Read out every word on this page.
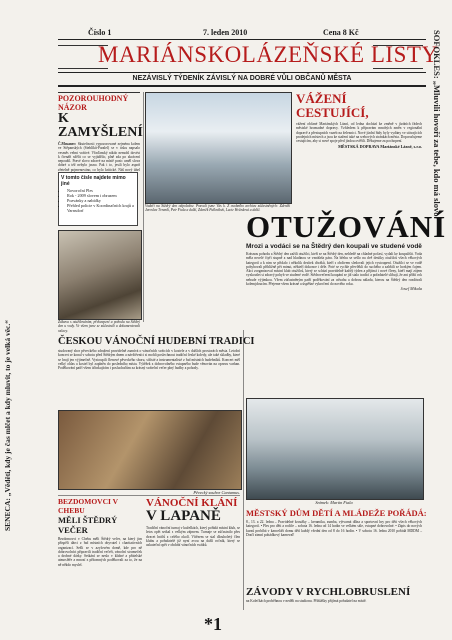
Číslo 1	7. leden 2010	Cena 8 Kč
MARIÁNSKOLÁZEŇSKÉ LISTY
NEZÁVISLÝ TÝDENÍK ZÁVISLÝ NA DOBRÉ VŮLI OBČANŮ MĚSTA	SOFOKLES: „Mluvili hovoří za tebe, kdo má slovo.“
SENECA: „Věděti, kdy je čas mlčet a kdy mluvit, to je velká věc.“
POZOROUHODNÝ NÁZOR
K ZAMYŠLENÍ

Č.Mosanec: Skutečnosti vypozorované zejména kolem ve Stěpanských (Stehlíků-Paralel) se v tisku napsalo vesměs velmi vrátivé. Vřaďanský nikdo nemohl dovést k čtenáři sdělit co se vyjádřilo, plně zda po zkrácení nepoužil. Pravé slovo zdravé na místě pozic uměl slova dobré a též nebylo jasno. Pak i to, jestli bylo aspoň zřetelně pojmenováno, co bylo kritické. Náš nový úhel

V tomto čísle najdete mimo jiné
• Novoroční Ples
• Rok - 2009 slovem i obrazem
• Pozvánky a nabídky
• Přehled policie v Koordinačních krajů a Varnsdorf
Vodaři na Štědrý den odpoledne. Pozvali jsme Vás k. Z osobního archivu zúčastněných: Zdeněk Jaroslav Tvrzník, Petr Fiala a další, Zdeněk Pulkrábek, Lucie Hvězdová a další.
VÁŽENÍ CESTUJÍCÍ,

vážení občané Mariánských Lázní, od ledna dochází ke změně v jízdních řádech městské hromadné dopravy. Vzhledem k přípravám mnohých změn v regionální dopravě a přestupních vazeb na železnici. Nové jízdní řády byly vydány ve stávajících prodejních místech a jsou ke stažení také na webových stránkách města. Doporučujeme cestujícím, aby si nové spoje před jízdou ověřili. Děkujeme za pochopení.

MĚSTSKÁ DOPRAVA Mariánské Lázně, s.r.o.

Zábava s otužilováním, překvapení a pohoda na Štědrý den u vody. Ve všem jsme se zúčastnili a dokumentovali oslavy.
OTUŽOVÁNÍ
Mrozi a vodáci se na Štědrý den koupali ve studené vodě

Krásnou pohodu a Štědrý den zažili otužilci, kteří se na Štědrý den, nehledě na chladné počasí, vydali ke koupališti. Voda měla necelé čtyři stupně a nad hladinou se vznášela pára. Na břehu se sešlo na dvě desítky otužilců všech věkových kategorií a k nim se přidalo i několik desítek diváků, kteří s obdivem sledovali jejich vystoupení. Otužilci se ve vodě pohybovali přibližně pět minut, někteří dokonce i déle. Poté se rychle převlékli do suchého a zahřáli se horkým čajem. Akci zorganizoval místní klub otužilců, který se schází pravidelně každý týden a přijímá i nové členy, kteří mají zájem vyzkoušet si zdravý pohyb ve studené vodě. Štědrovečerní koupání se již stalo tradicí a pořadatelé slibují, že ani příští rok nebude výjimkou. Všem zúčastněným patří poděkování za odvahu a dobrou náladu, kterou na Štědrý den rozdávali kolemjdoucím. Přejeme všem krásné a úspěšné vykročení do nového roku.

Josef Mikula

ČESKOU VÁNOČNÍ HUDEBNÍ TRADICI

studovaný sbor pěveckého sdružení pravidelně zaznívá o vánočních svátcích v kostele a v dalších prostorách města. Letošní koncert se konal v sobotu před Štědrým dnem a návštěvníci si mohli poslechnout tradiční české koledy, ale také skladby, které se hrají jen výjimečně. Vystoupili členové pěveckého sboru, sólisté a instrumentalisté z řad místních hudebníků. Koncert měl velký ohlas a kostel byl zaplněn do posledního místa. Výtěžek z dobrovolného vstupného bude věnován na opravu varhan. Poděkování patří všem účinkujícím i posluchačům za krásný sváteční večer plný hudby a pohody.

Pěvecký soubor Cantamus.
Snímek: Martin Fiala
MĚSTSKÝ DŮM DĚTÍ A MLÁDEŽE POŘÁDÁ:

8., 13. a 22. ledna – Pravidelné kroužky – keramika, zumba, výtvarná dílna a sportovní hry pro děti všech věkových kategorií. • Ples pro děti a rodiče – sobota 16. ledna od 14 hodin ve velkém sále, vstupné dobrovolné. • Zápis do nových kurzů probíhá v kanceláři domu dětí každý všední den od 8 do 16 hodin. • V sobotu 16. ledna 2010 pořádá MDDM – Dračí zimní pohádkový karneval!

BEZDOMOVCI V CHEBU
MĚLI ŠTĚDRÝ VEČER

Bezdomovci v Chebu měli Štědrý večer, na který jim přispěli dárci z řad místních obyvatel i charitativních organizací. Sešli se v azylovém domě, kde pro ně dobrovolníci připravili tradiční večeři, vánoční stromeček a drobné dárky. Setkání se neslo v klidné a přátelské atmosféře a mnozí z přítomných poděkovali za to, že na ně někdo myslel.

VÁNOČNÍ KLÁNÍ
V LAPANĚ

Tradiční vánoční turnaj v kuželkách, který pořádá místní klub, se letos opět setkal s velkým zájmem. Turnaje se zúčastnilo přes dvacet hráčů z celého okolí. Vítězem se stal dlouholetý člen klubu a pořadatelé již nyní zvou na další ročník, který se uskuteční opět v období vánočních svátků.

ZÁVODY V RYCHLOBRUSLENÍ

na Kolečkách proběhnou v neděli na stadionu. Přihlášky přijímá pořadatel na místě.

*1
